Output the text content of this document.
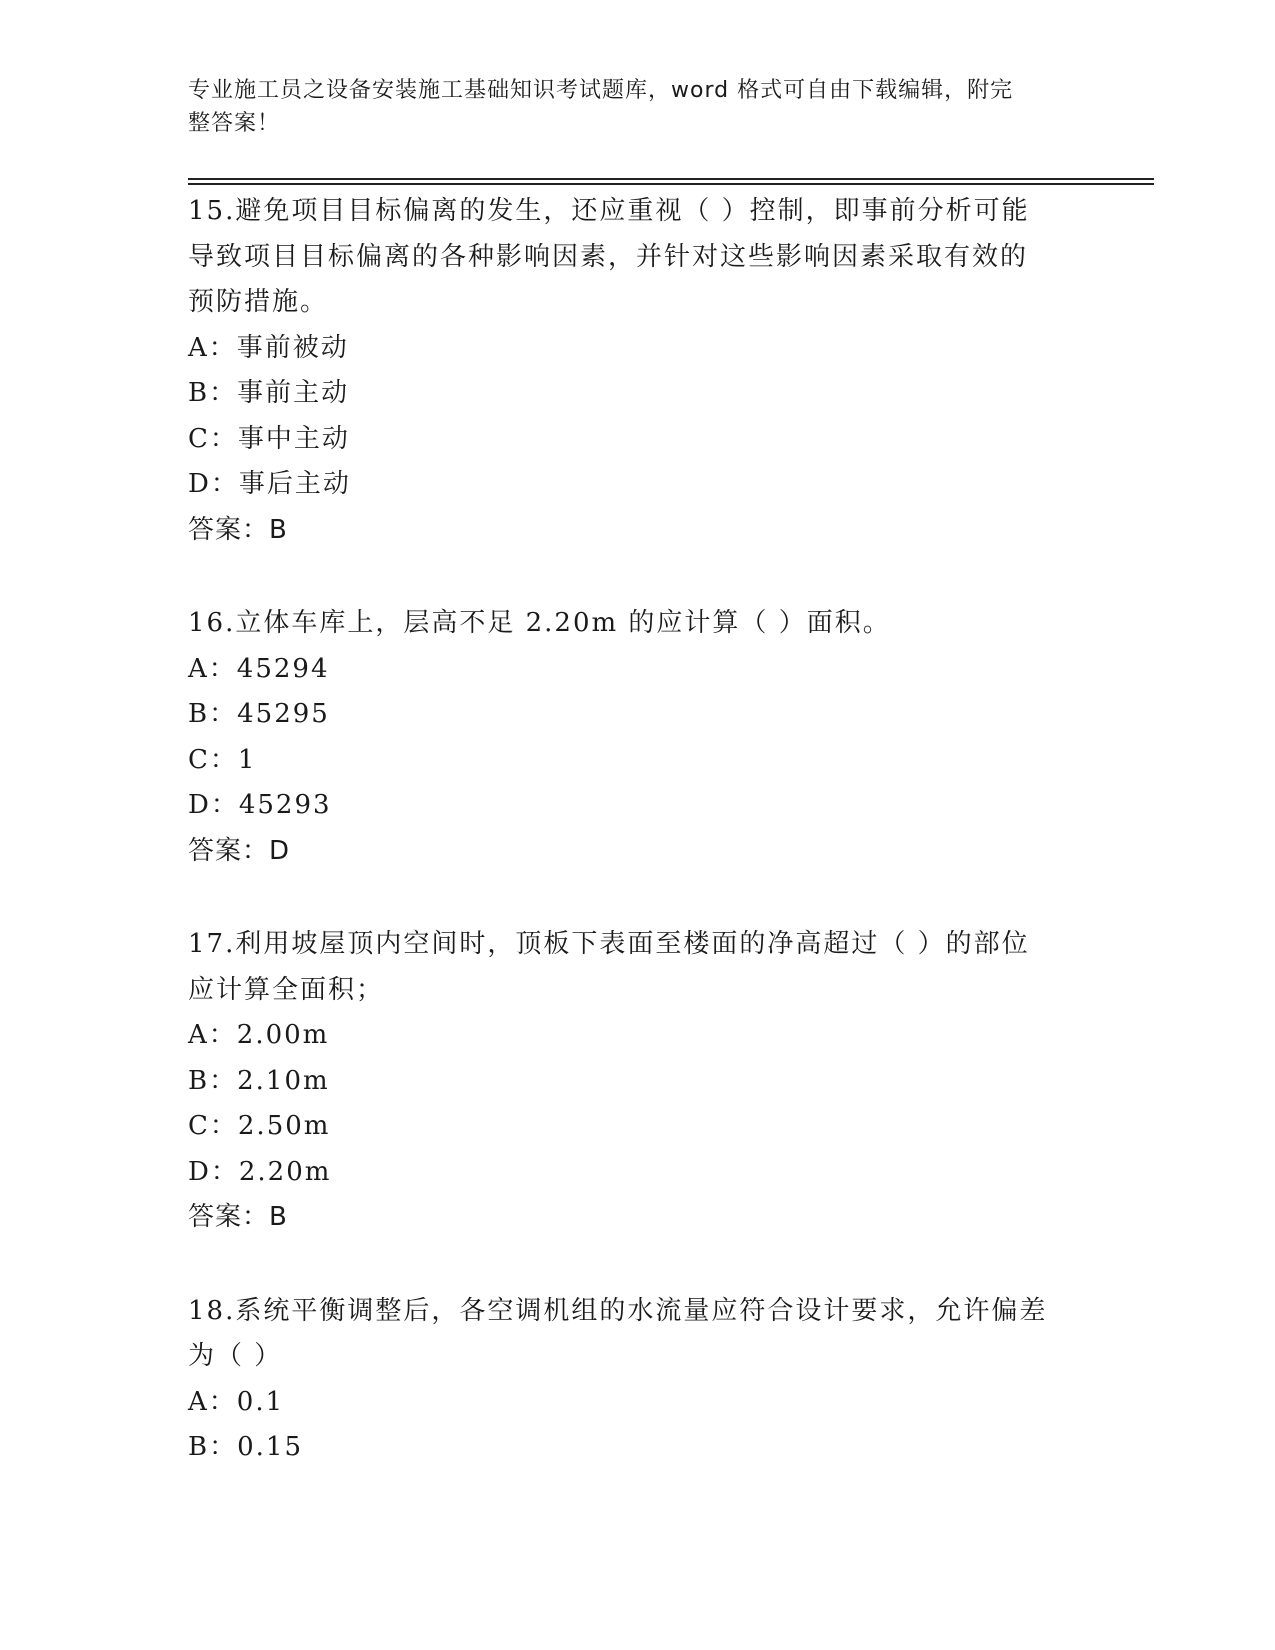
专业施工员之设备安装施工基础知识考试题库，word 格式可自由下载编辑，附完
整答案！
15.避免项目目标偏离的发生，还应重视（ ）控制，即事前分析可能
导致项目目标偏离的各种影响因素，并针对这些影响因素采取有效的
预防措施。
A：事前被动
B：事前主动
C：事中主动
D：事后主动
答案：B
16.立体车库上，层高不足 2.20m 的应计算（ ）面积。
A：45294
B：45295
C：1
D：45293
答案：D
17.利用坡屋顶内空间时，顶板下表面至楼面的净高超过（ ）的部位
应计算全面积；
A：2.00m
B：2.10m
C：2.50m
D：2.20m
答案：B
18.系统平衡调整后，各空调机组的水流量应符合设计要求，允许偏差
为（ ）
A：0.1
B：0.15
